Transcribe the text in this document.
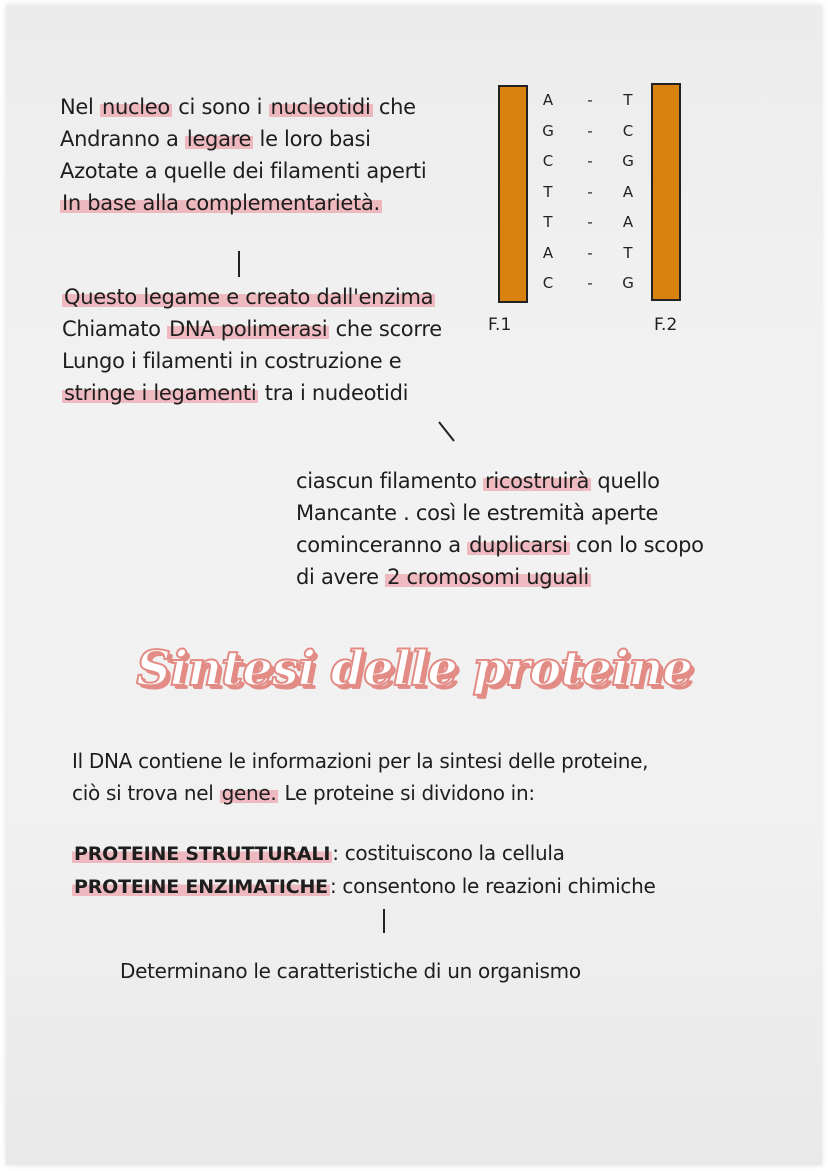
Nel nucleo ci sono i nucleotidi che
Andranno a legare le loro basi
Azotate a quelle dei filamenti aperti
In base alla complementarietà.
Questo legame e creato dall'enzima
Chiamato DNA polimerasi che scorre
Lungo i filamenti in costruzione e
stringe i legamenti tra i nudeotidi
A	-	T
G	-	C
C	-	G
T	-	A
T	-	A
A	-	T
C	-	G
F.1	F.2
ciascun filamento ricostruirà quello
Mancante . così le estremità aperte
cominceranno a duplicarsi con lo scopo
di avere 2 cromosomi uguali
Sintesi delle proteine
Il DNA contiene le informazioni per la sintesi delle proteine,
ciò si trova nel gene. Le proteine si dividono in:
PROTEINE STRUTTURALI : costituiscono la cellula
PROTEINE ENZIMATICHE : consentono le reazioni chimiche
Determinano le caratteristiche di un organismo
